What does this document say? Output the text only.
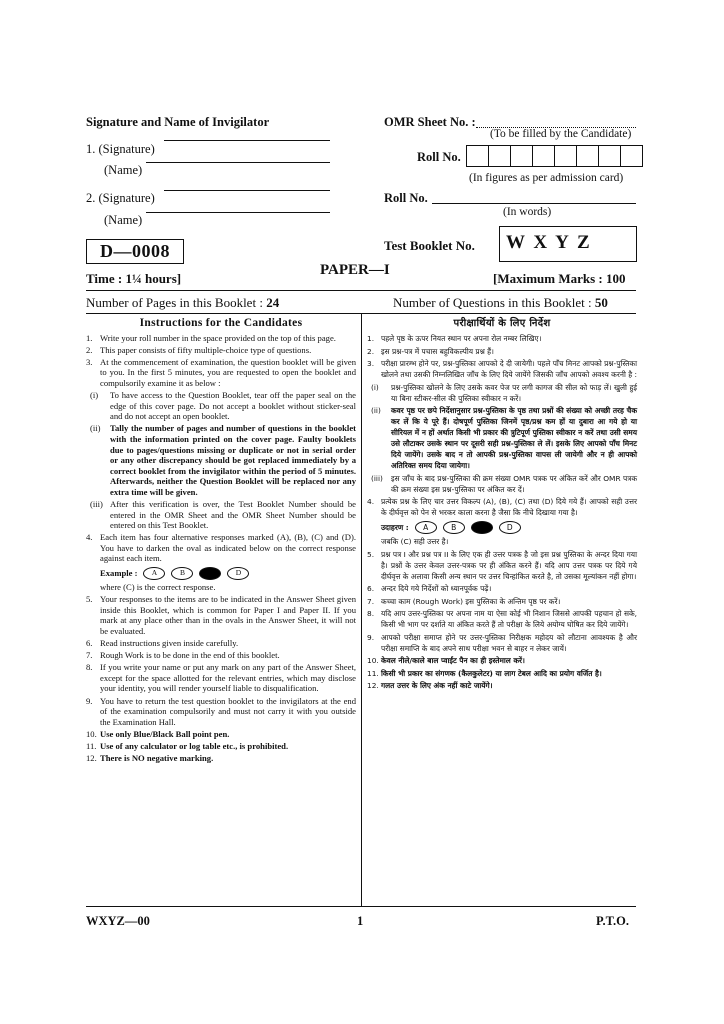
Signature and Name of Invigilator
1. (Signature)
(Name)
2. (Signature)
(Name)
OMR Sheet No. :
(To be filled by the Candidate)
Roll No.
(In figures as per admission card)
Roll No.
(In words)
D—0008	Test Booklet No.	W X Y Z
Time : 1¼ hours]
PAPER—I
[Maximum Marks : 100
Number of Pages in this Booklet : 24	Number of Questions in this Booklet : 50
Instructions for the Candidates
1. Write your roll number in the space provided on the top of this page.
2. This paper consists of fifty multiple-choice type of questions.
3. At the commencement of examination, the question booklet will be given to you. In the first 5 minutes, you are requested to open the booklet and compulsorily examine it as below :
(i) To have access to the Question Booklet, tear off the paper seal on the edge of this cover page. Do not accept a booklet without sticker-seal and do not accept an open booklet.
(ii) Tally the number of pages and number of questions in the booklet with the information printed on the cover page. Faulty booklets due to pages/questions missing or duplicate or not in serial order or any other discrepancy should be got replaced immediately by a correct booklet from the invigilator within the period of 5 minutes. Afterwards, neither the Question Booklet will be replaced nor any extra time will be given.
(iii) After this verification is over, the Test Booklet Number should be entered in the OMR Sheet and the OMR Sheet Number should be entered on this Test Booklet.
4. Each item has four alternative responses marked (A), (B), (C) and (D). You have to darken the oval as indicated below on the correct response against each item.
Example :	A	B	D
where (C) is the correct response.
5. Your responses to the items are to be indicated in the Answer Sheet given inside this Booklet, which is common for Paper I and Paper II. If you mark at any place other than in the ovals in the Answer Sheet, it will not be evaluated.
6. Read instructions given inside carefully.
7. Rough Work is to be done in the end of this booklet.
8. If you write your name or put any mark on any part of the Answer Sheet, except for the space allotted for the relevant entries, which may disclose your identity, you will render yourself liable to disqualification.
9. You have to return the test question booklet to the invigilators at the end of the examination compulsorily and must not carry it with you outside the Examination Hall.
10. Use only Blue/Black Ball point pen.
11. Use of any calculator or log table etc., is prohibited.
12. There is NO negative marking.
परीक्षार्थियों के लिए निर्देश
1. पहले पृष्ठ के ऊपर नियत स्थान पर अपना रोल नम्बर लिखिए।
2. इस प्रश्न-पत्र में पचास बहुविकल्पीय प्रश्न हैं।
3. परीक्षा प्रारम्भ होने पर, प्रश्न-पुस्तिका आपको दे दी जायेगी। पहले पाँच मिनट आपको प्रश्न-पुस्तिका खोलने तथा उसकी निम्नलिखित जाँच के लिए दिये जायेंगे जिसकी जाँच आपको अवश्य करनी है :
(i) प्रश्न-पुस्तिका खोलने के लिए उसके कवर पेज पर लगी कागज की सील को फाड़ लें। खुली हुई या बिना स्टीकर-सील की पुस्तिका स्वीकार न करें।
(ii) कवर पृष्ठ पर छपे निर्देशानुसार प्रश्न-पुस्तिका के पृष्ठ तथा प्रश्नों की संख्या को अच्छी तरह चैक कर लें कि ये पूरे हैं। दोषपूर्ण पुस्तिका जिनमें पृष्ठ/प्रश्न कम हों या दुबारा आ गये हो या सीरियल में न हों अर्थात किसी भी प्रकार की त्रुटिपूर्ण पुस्तिका स्वीकार न करें तथा उसी समय उसे लौटाकर उसके स्थान पर दूसरी सही प्रश्न-पुस्तिका ले लें। इसके लिए आपको पाँच मिनट दिये जायेंगे। उसके बाद न तो आपकी प्रश्न-पुस्तिका वापस ली जायेगी और न ही आपको अतिरिक्त समय दिया जायेगा।
(iii) इस जाँच के बाद प्रश्न-पुस्तिका की क्रम संख्या OMR पत्रक पर अंकित करें और OMR पत्रक की क्रम संख्या इस प्रश्न-पुस्तिका पर अंकित कर दें।
4. प्रत्येक प्रश्न के लिए चार उत्तर विकल्प (A), (B), (C) तथा (D) दिये गये हैं। आपको सही उत्तर के दीर्घवृत्त को पेन से भरकर काला करना है जैसा कि नीचे दिखाया गया है।
उदाहरण :	A	B	D
जबकि (C) सही उत्तर है।
5. प्रश्न पत्र I और प्रश्न पत्र II के लिए एक ही उत्तर पत्रक है जो इस प्रश्न पुस्तिका के अन्दर दिया गया है। प्रश्नों के उत्तर केवल उत्तर-पत्रक पर ही अंकित करने हैं। यदि आप उत्तर पत्रक पर दिये गये दीर्घवृत्त के अलावा किसी अन्य स्थान पर उत्तर चिन्हांकित करते है, तो उसका मूल्यांकन नहीं होगा।
6. अन्दर दिये गये निर्देशों को ध्यानपूर्वक पढ़ें।
7. कच्चा काम (Rough Work) इस पुस्तिका के अन्तिम पृष्ठ पर करें।
8. यदि आप उत्तर-पुस्तिका पर अपना नाम या ऐसा कोई भी निशान जिससे आपकी पहचान हो सके, किसी भी भाग पर दर्शाते या अंकित करते हैं तो परीक्षा के लिये अयोग्य घोषित कर दिये जायेंगे।
9. आपको परीक्षा समाप्त होने पर उत्तर-पुस्तिका निरीक्षक महोदय को लौटाना आवश्यक है और परीक्षा समाप्ति के बाद अपने साथ परीक्षा भवन से बाहर न लेकर जायें।
10. केवल नीले/काले बाल प्वाईंट पैन का ही इस्तेमाल करें।
11. किसी भी प्रकार का संगणक (कैलकुलेटर) या लाग टेबल आदि का प्रयोग वर्जित है।
12. गलत उत्तर के लिए अंक नहीं काटे जायेंगे।
WXYZ—00	1	P.T.O.
